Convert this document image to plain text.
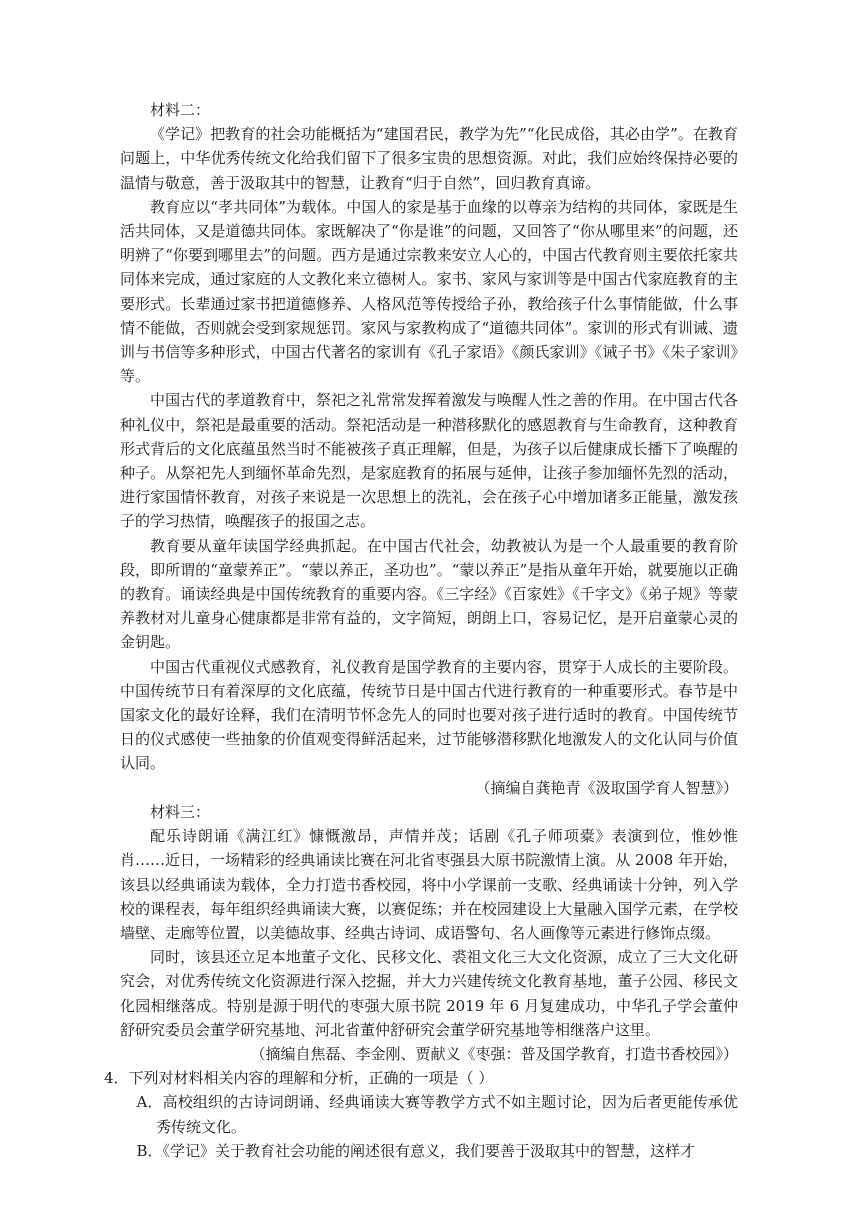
材料二：

《学记》把教育的社会功能概括为“建国君民，教学为先”“化民成俗，其必由学”。在教育问题上，中华优秀传统文化给我们留下了很多宝贵的思想资源。对此，我们应始终保持必要的温情与敬意，善于汲取其中的智慧，让教育“归于自然”，回归教育真谛。

教育应以“孝共同体”为载体。中国人的家是基于血缘的以尊亲为结构的共同体，家既是生活共同体，又是道德共同体。家既解决了“你是谁”的问题，又回答了“你从哪里来”的问题，还明辨了“你要到哪里去”的问题。西方是通过宗教来安立人心的，中国古代教育则主要依托家共同体来完成，通过家庭的人文教化来立德树人。家书、家风与家训等是中国古代家庭教育的主要形式。长辈通过家书把道德修养、人格风范等传授给子孙，教给孩子什么事情能做，什么事情不能做，否则就会受到家规惩罚。家风与家教构成了“道德共同体”。家训的形式有训诫、遗训与书信等多种形式，中国古代著名的家训有《孔子家语》《颜氏家训》《诫子书》《朱子家训》等。

中国古代的孝道教育中，祭祀之礼常常发挥着激发与唤醒人性之善的作用。在中国古代各种礼仪中，祭祀是最重要的活动。祭祀活动是一种潜移默化的感恩教育与生命教育，这种教育形式背后的文化底蕴虽然当时不能被孩子真正理解，但是，为孩子以后健康成长播下了唤醒的种子。从祭祀先人到缅怀革命先烈，是家庭教育的拓展与延伸，让孩子参加缅怀先烈的活动，进行家国情怀教育，对孩子来说是一次思想上的洗礼，会在孩子心中增加诸多正能量，激发孩子的学习热情，唤醒孩子的报国之志。

教育要从童年读国学经典抓起。在中国古代社会，幼教被认为是一个人最重要的教育阶段，即所谓的“童蒙养正”。“蒙以养正，圣功也”。“蒙以养正”是指从童年开始，就要施以正确的教育。诵读经典是中国传统教育的重要内容。《三字经》《百家姓》《千字文》《弟子规》等蒙养教材对儿童身心健康都是非常有益的，文字简短，朗朗上口，容易记忆，是开启童蒙心灵的金钥匙。

中国古代重视仪式感教育，礼仪教育是国学教育的主要内容，贯穿于人成长的主要阶段。中国传统节日有着深厚的文化底蕴，传统节日是中国古代进行教育的一种重要形式。春节是中国家文化的最好诠释，我们在清明节怀念先人的同时也要对孩子进行适时的教育。中国传统节日的仪式感使一些抽象的价值观变得鲜活起来，过节能够潜移默化地激发人的文化认同与价值认同。

（摘编自龚艳青《汲取国学育人智慧》）

材料三：

配乐诗朗诵《满江红》慷慨激昂，声情并茂；话剧《孔子师项橐》表演到位，惟妙惟肖……近日，一场精彩的经典诵读比赛在河北省枣强县大原书院激情上演。从 2008 年开始，该县以经典诵读为载体，全力打造书香校园，将中小学课前一支歌、经典诵读十分钟，列入学校的课程表，每年组织经典诵读大赛，以赛促练；并在校园建设上大量融入国学元素，在学校墙壁、走廊等位置，以美德故事、经典古诗词、成语警句、名人画像等元素进行修饰点缀。

同时，该县还立足本地董子文化、民移文化、裘祖文化三大文化资源，成立了三大文化研究会，对优秀传统文化资源进行深入挖掘，并大力兴建传统文化教育基地，董子公园、移民文化园相继落成。特别是源于明代的枣强大原书院 2019 年 6 月复建成功，中华孔子学会董仲舒研究委员会董学研究基地、河北省董仲舒研究会董学研究基地等相继落户这里。

（摘编自焦磊、李金刚、贾献义《枣强：普及国学教育，打造书香校园》）

4．下列对材料相关内容的理解和分析，正确的一项是（ ）

A．高校组织的古诗词朗诵、经典诵读大赛等教学方式不如主题讨论，因为后者更能传承优秀传统文化。

B．《学记》关于教育社会功能的阐述很有意义，我们要善于汲取其中的智慧，这样才
